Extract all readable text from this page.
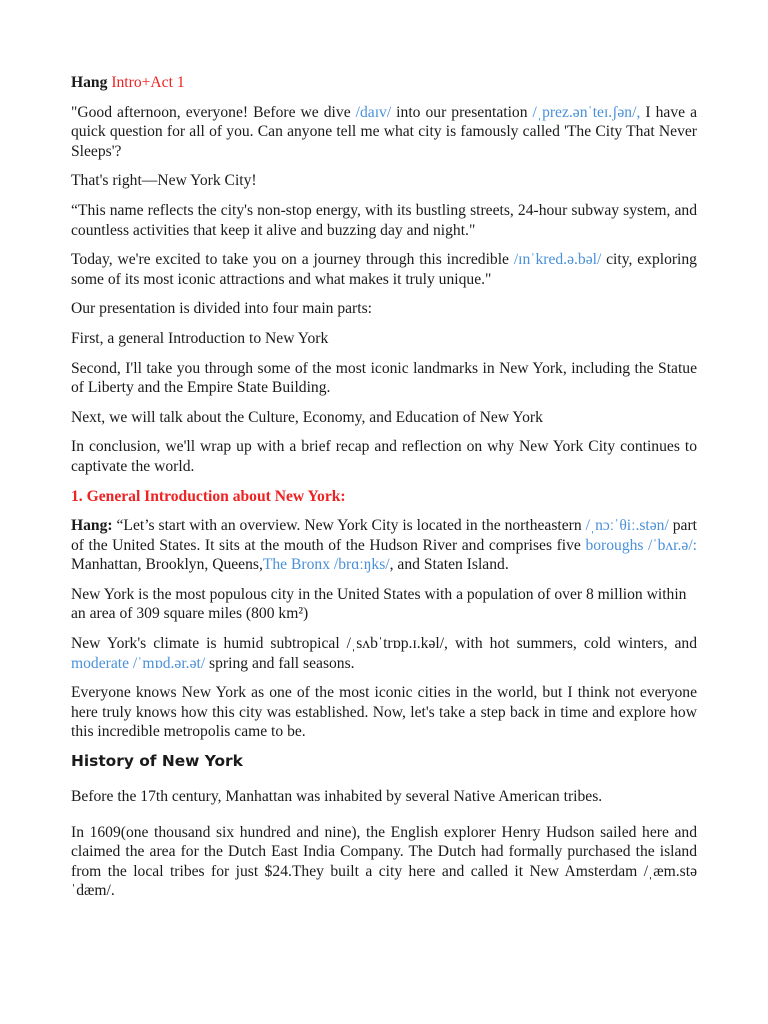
Hang Intro+Act 1

"Good afternoon, everyone! Before we dive /daɪv/ into our presentation /ˌprez.ənˈteɪ.ʃən/, I have a quick question for all of you. Can anyone tell me what city is famously called 'The City That Never Sleeps'?

That's right—New York City!

“This name reflects the city's non-stop energy, with its bustling streets, 24-hour subway system, and countless activities that keep it alive and buzzing day and night."

Today, we're excited to take you on a journey through this incredible /ɪnˈkred.ə.bəl/ city, exploring some of its most iconic attractions and what makes it truly unique."

Our presentation is divided into four main parts:

First, a general Introduction to New York

Second, I'll take you through some of the most iconic landmarks in New York, including the Statue of Liberty and the Empire State Building.

Next, we will talk about the Culture, Economy, and Education of New York

In conclusion, we'll wrap up with a brief recap and reflection on why New York City continues to captivate the world.

1. General Introduction about New York:

Hang: “Let’s start with an overview. New York City is located in the northeastern /ˌnɔːˈθiː.stən/ part of the United States. It sits at the mouth of the Hudson River and comprises five boroughs /ˈbʌr.ə/: Manhattan, Brooklyn, Queens,The Bronx /brɑːŋks/, and Staten Island.

New York is the most populous city in the United States with a population of over 8 million within an area of 309 square miles (800 km²)

New York's climate is humid subtropical /ˌsʌbˈtrɒp.ɪ.kəl/, with hot summers, cold winters, and moderate /ˈmɒd.ər.ət/ spring and fall seasons.

Everyone knows New York as one of the most iconic cities in the world, but I think not everyone here truly knows how this city was established. Now, let's take a step back in time and explore how this incredible metropolis came to be.

History of New York

Before the 17th century, Manhattan was inhabited by several Native American tribes.

In 1609(one thousand six hundred and nine), the English explorer Henry Hudson sailed here and claimed the area for the Dutch East India Company. The Dutch had formally purchased the island from the local tribes for just $24.They built a city here and called it New Amsterdam /ˌæm.stəˈdæm/.
